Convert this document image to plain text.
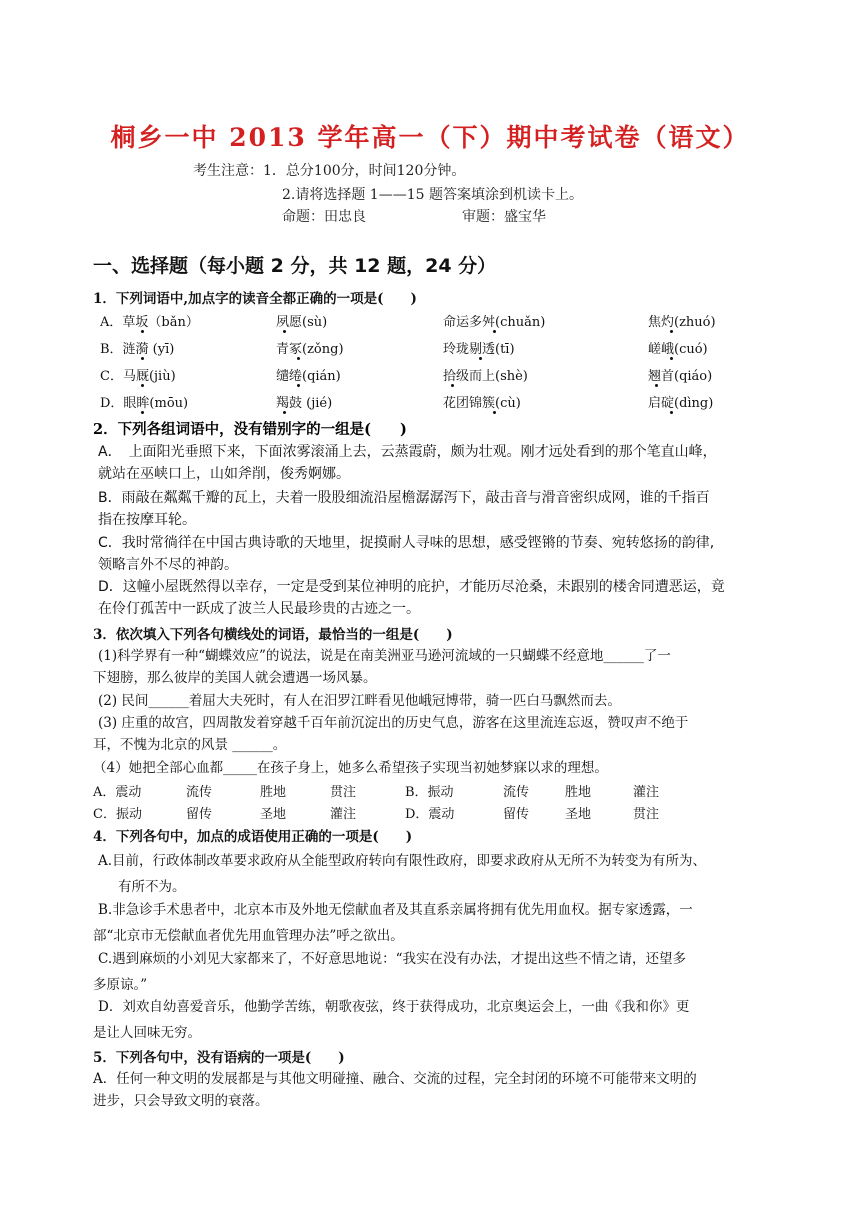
桐乡一中 2013 学年高一（下）期中考试卷（语文）
考生注意：1．总分100分，时间120分钟。
2.请将选择题 1——15 题答案填涂到机读卡上。
命题：田忠良	审题：盛宝华
一、选择题（每小题 2 分，共 12 题，24 分）
1．下列词语中,加点字的读音全都正确的一项是(　　)
A．草坂（bǎn）	夙愿(sù)	命运多舛(chuǎn)	焦灼(zhuó)
B．涟漪 (yī)	青冢(zǒng)	玲珑剔透(tī)	嵯峨(cuó)
C．马厩(jiù)	缱绻(qián)	拾级而上(shè)	翘首(qiáo)
D．眼眸(mōu)	羯鼓 (jié)	花团锦簇(cù)	启碇(dìng)
2．下列各组词语中，没有错别字的一组是(　　)

A．　上面阳光垂照下来，下面浓雾滚涌上去，云蒸霞蔚，颇为壮观。刚才远处看到的那个笔直山峰，

就站在巫峡口上，山如斧削，俊秀婀娜。

B．雨敲在粼粼千瓣的瓦上，夫着一股股细流沿屋檐潺潺泻下，敲击音与滑音密织成网，谁的千指百

指在按摩耳轮。

C．我时常徜徉在中国古典诗歌的天地里，捉摸耐人寻味的思想，感受铿锵的节奏、宛转悠扬的韵律,

领略言外不尽的神韵。

D．这幢小屋既然得以幸存，一定是受到某位神明的庇护，才能历尽沧桑，未跟别的楼舍同遭恶运，竟

在伶仃孤苦中一跃成了波兰人民最珍贵的古迹之一。

3．依次填入下列各句横线处的词语，最恰当的一组是(　　)

(1)科学界有一种“蝴蝶效应”的说法，说是在南美洲亚马逊河流域的一只蝴蝶不经意地______了一

下翅膀，那么彼岸的美国人就会遭遇一场风暴。

(2) 民间______着屈大夫死时，有人在汨罗江畔看见他峨冠博带，骑一匹白马飘然而去。

(3) 庄重的故宫，四周散发着穿越千百年前沉淀出的历史气息，游客在这里流连忘返，赞叹声不绝于

耳，不愧为北京的风景 ______。

（4）她把全部心血都_____在孩子身上，她多么希望孩子实现当初她梦寐以求的理想。
A．震动	流传	胜地	贯注	B．振动	流传	胜地	灌注
C．振动	留传	圣地	灌注	D．震动	留传	圣地	贯注
4．下列各句中，加点的成语使用正确的一项是(　　)

A.目前，行政体制改革要求政府从全能型政府转向有限性政府，即要求政府从无所不为转变为有所为、

有所不为。

B.非急诊手术患者中，北京本市及外地无偿献血者及其直系亲属将拥有优先用血权。据专家透露，一

部“北京市无偿献血者优先用血管理办法”呼之欲出。

C.遇到麻烦的小刘见大家都来了，不好意思地说：“我实在没有办法，才提出这些不情之请，还望多

多原谅。”

D．刘欢自幼喜爱音乐，他勤学苦练，朝歌夜弦，终于获得成功，北京奥运会上，一曲《我和你》更

是让人回味无穷。

5．下列各句中，没有语病的一项是(　　)

A．任何一种文明的发展都是与其他文明碰撞、融合、交流的过程，完全封闭的环境不可能带来文明的

进步，只会导致文明的衰落。
